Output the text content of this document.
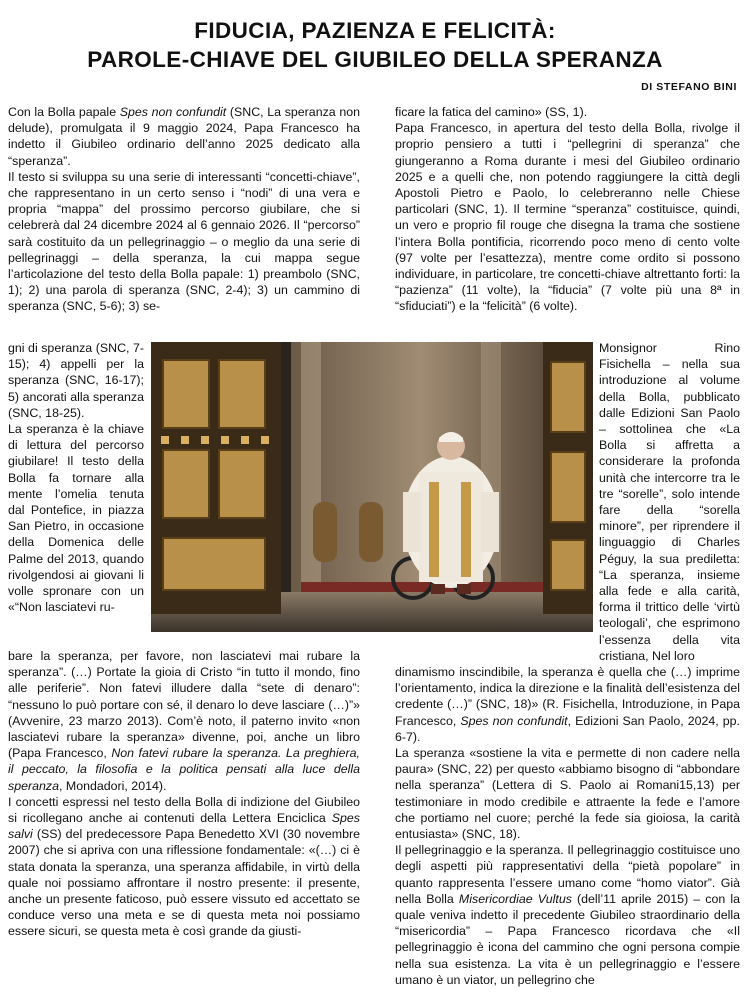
FIDUCIA, PAZIENZA E FELICITÀ:
PAROLE-CHIAVE DEL GIUBILEO DELLA SPERANZA
DI STEFANO BINI

Con la Bolla papale Spes non confundit (SNC, La speranza non delude), promulgata il 9 maggio 2024, Papa Francesco ha indetto il Giubileo ordinario dell’anno 2025 dedicato alla “speranza”.

Il testo si sviluppa su una serie di interessanti “concetti-chiave”, che rappresentano in un certo senso i “nodi” di una vera e propria “mappa” del prossimo percorso giubilare, che si celebrerà dal 24 dicembre 2024 al 6 gennaio 2026. Il “percorso” sarà costituito da un pellegrinaggio – o meglio da una serie di pellegrinaggi – della speranza, la cui mappa segue l’articolazione del testo della Bolla papale: 1) preambolo (SNC, 1); 2) una parola di speranza (SNC, 2-4); 3) un cammino di speranza (SNC, 5-6); 3) se-

gni di speranza (SNC, 7-15); 4) appelli per la speranza (SNC, 16-17); 5) ancorati alla speranza (SNC, 18-25).

La speranza è la chiave di lettura del percorso giubilare! Il testo della Bolla fa tornare alla mente l’omelia tenuta dal Pontefice, in piazza San Pietro, in occasione della Domenica delle Palme del 2013, quando rivolgendosi ai giovani li volle spronare con un «“Non lasciatevi ru-

ficare la fatica del camino» (SS, 1).

Papa Francesco, in apertura del testo della Bolla, rivolge il proprio pensiero a tutti i “pellegrini di speranza” che giungeranno a Roma durante i mesi del Giubileo ordinario 2025 e a quelli che, non potendo raggiungere la città degli Apostoli Pietro e Paolo, lo celebreranno nelle Chiese particolari (SNC, 1). Il termine “speranza” costituisce, quindi, un vero e proprio fil rouge che disegna la trama che sostiene l’intera Bolla pontificia, ricorrendo poco meno di cento volte (97 volte per l’esattezza), mentre come ordito si possono individuare, in particolare, tre concetti-chiave altrettanto forti: la “pazienza” (11 volte), la “fiducia” (7 volte più una 8ª in “sfiduciati”) e la “felicità” (6 volte).

Monsignor Rino Fisichella – nella sua introduzione al volume della Bolla, pubblicato dalle Edizioni San Paolo – sottolinea che «La Bolla si affretta a considerare la profonda unità che intercorre tra le tre “sorelle”, solo intende fare della “sorella minore”, per riprendere il linguaggio di Charles Péguy, la sua prediletta: “La speranza, insieme alla fede e alla carità, forma il trittico delle ‘virtù teologali’, che esprimono l’essenza della vita cristiana, Nel loro

bare la speranza, per favore, non lasciatevi mai rubare la speranza”. (…) Portate la gioia di Cristo “in tutto il mondo, fino alle periferie”. Non fatevi illudere dalla “sete di denaro”: “nessuno lo può portare con sé, il denaro lo deve lasciare (…)”» (Avvenire, 23 marzo 2013). Com’è noto, il paterno invito «non lasciatevi rubare la speranza» divenne, poi, anche un libro (Papa Francesco, Non fatevi rubare la speranza. La preghiera, il peccato, la filosofia e la politica pensati alla luce della speranza, Mondadori, 2014).

I concetti espressi nel testo della Bolla di indizione del Giubileo si ricollegano anche ai contenuti della Lettera Enciclica Spes salvi (SS) del predecessore Papa Benedetto XVI (30 novembre 2007) che si apriva con una riflessione fondamentale: «(…) ci è stata donata la speranza, una speranza affidabile, in virtù della quale noi possiamo affrontare il nostro presente: il presente, anche un presente faticoso, può essere vissuto ed accettato se conduce verso una meta e se di questa meta noi possiamo essere sicuri, se questa meta è così grande da giusti-

dinamismo inscindibile, la speranza è quella che (…) imprime l’orientamento, indica la direzione e la finalità dell’esistenza del credente (…)” (SNC, 18)» (R. Fisichella, Introduzione, in Papa Francesco, Spes non confundit, Edizioni San Paolo, 2024, pp. 6-7).

La speranza «sostiene la vita e permette di non cadere nella paura» (SNC, 22) per questo «abbiamo bisogno di “abbondare nella speranza” (Lettera di S. Paolo ai Romani15,13) per testimoniare in modo credibile e attraente la fede e l’amore che portiamo nel cuore; perché la fede sia gioiosa, la carità entusiasta» (SNC, 18).

Il pellegrinaggio e la speranza. Il pellegrinaggio costituisce uno degli aspetti più rappresentativi della “pietà popolare” in quanto rappresenta l’essere umano come “homo viator”. Già nella Bolla Misericordiae Vultus (dell’11 aprile 2015) – con la quale veniva indetto il precedente Giubileo straordinario della “misericordia” – Papa Francesco ricordava che «Il pellegrinaggio è icona del cammino che ogni persona compie nella sua esistenza. La vita è un pellegrinaggio e l’essere umano è un viator, un pellegrino che
